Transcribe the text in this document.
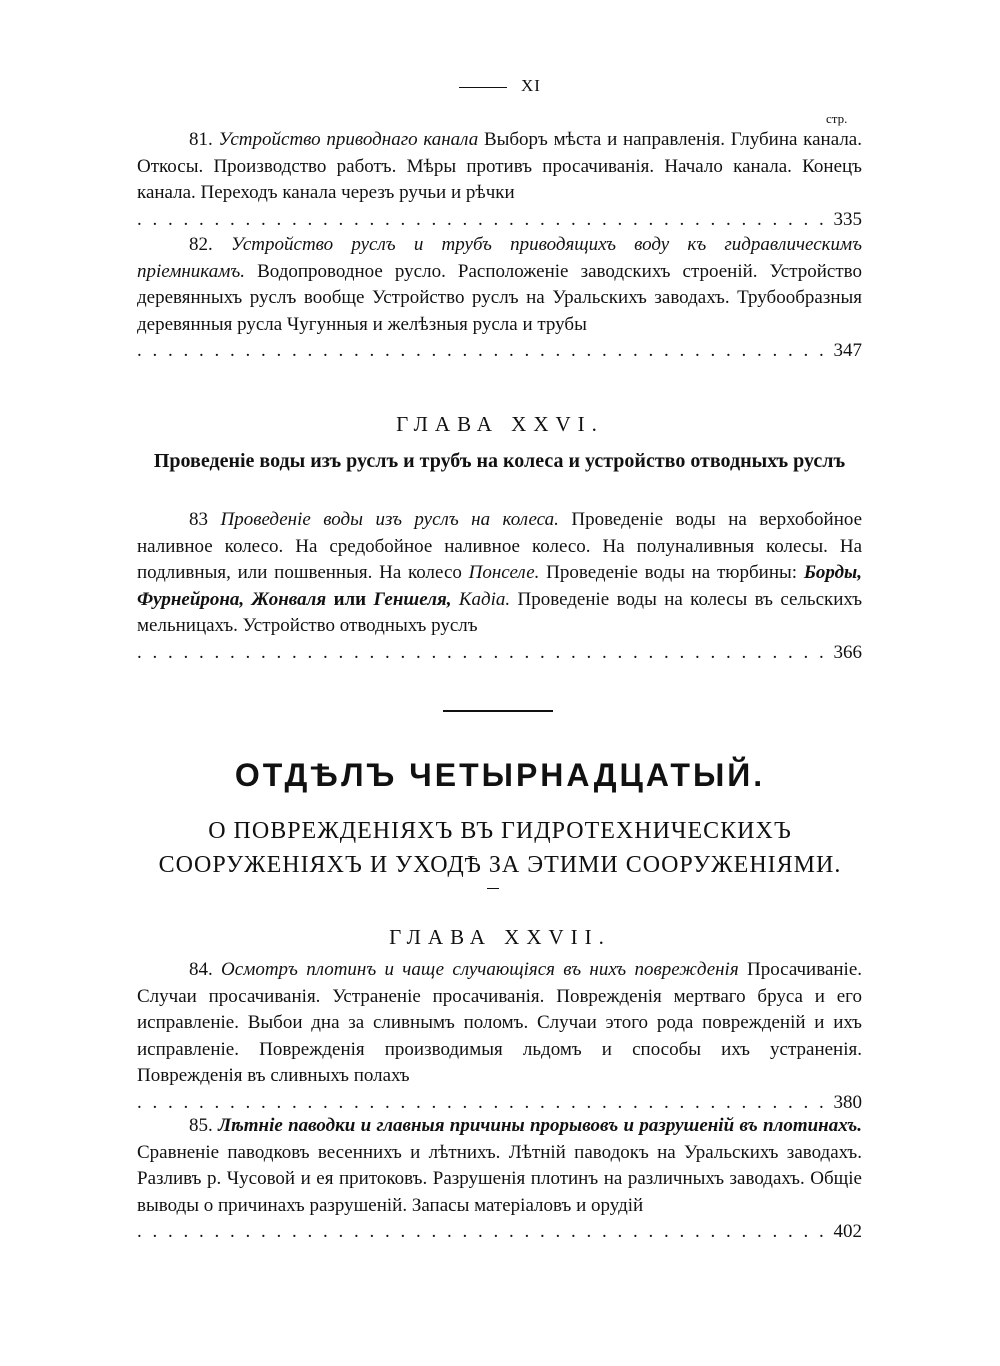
XI
стр.

81. Устройство приводнаго канала Выборъ мѣста и направленія. Глубина канала. Откосы. Производство работъ. Мѣры противъ просачиванія. Начало канала. Конецъ канала. Переходъ канала черезъ ручьи и рѣчки

. . .
335

82. Устройство руслъ и трубъ приводящихъ воду къ гидравлическимъ пріемникамъ. Водопроводное русло. Расположеніе заводскихъ строеній. Устройство деревянныхъ руслъ вообще Устройство руслъ на Уральскихъ заводахъ. Трубообразныя деревянныя русла Чугунныя и желѣзныя русла и трубы

. . .
347
ГЛАВА XXVI.
Проведеніе воды изъ руслъ и трубъ на колеса и устройство отводныхъ руслъ

83 Проведеніе воды изъ руслъ на колеса. Проведеніе воды на верхобойное наливное колесо. На средобойное наливное колесо. На полуналивныя колесы. На подливныя, или пошвенныя. На колесо Понселе. Проведеніе воды на тюрбины: Борды, Фурнейрона, Жонваля или Геншеля, Кадіа. Проведеніе воды на колесы въ сельскихъ мельницахъ. Устройство отводныхъ руслъ

. . .
366
ОТДѢЛЪ ЧЕТЫРНАДЦАТЫЙ.
О ПОВРЕЖДЕНІЯХЪ ВЪ ГИДРОТЕХНИЧЕСКИХЪ СООРУЖЕНІЯХЪ И УХОДѢ ЗА ЭТИМИ СООРУЖЕНІЯМИ.
ГЛАВА XXVII.

84. Осмотръ плотинъ и чаще случающіяся въ нихъ поврежденія Просачиваніе. Случаи просачиванія. Устраненіе просачиванія. Поврежденія мертваго бруса и его исправленіе. Выбои дна за сливнымъ поломъ. Случаи этого рода поврежденій и ихъ исправленіе. Поврежденія производимыя льдомъ и способы ихъ устраненія. Поврежденія въ сливныхъ полахъ

. . .
380

85. Лѣтніе паводки и главныя причины прорывовъ и разрушеній въ плотинахъ. Сравненіе паводковъ весеннихъ и лѣтнихъ. Лѣтній паводокъ на Уральскихъ заводахъ. Разливъ р. Чусовой и ея притоковъ. Разрушенія плотинъ на различныхъ заводахъ. Общіе выводы о причинахъ разрушеній. Запасы матеріаловъ и орудій

. . .
402
